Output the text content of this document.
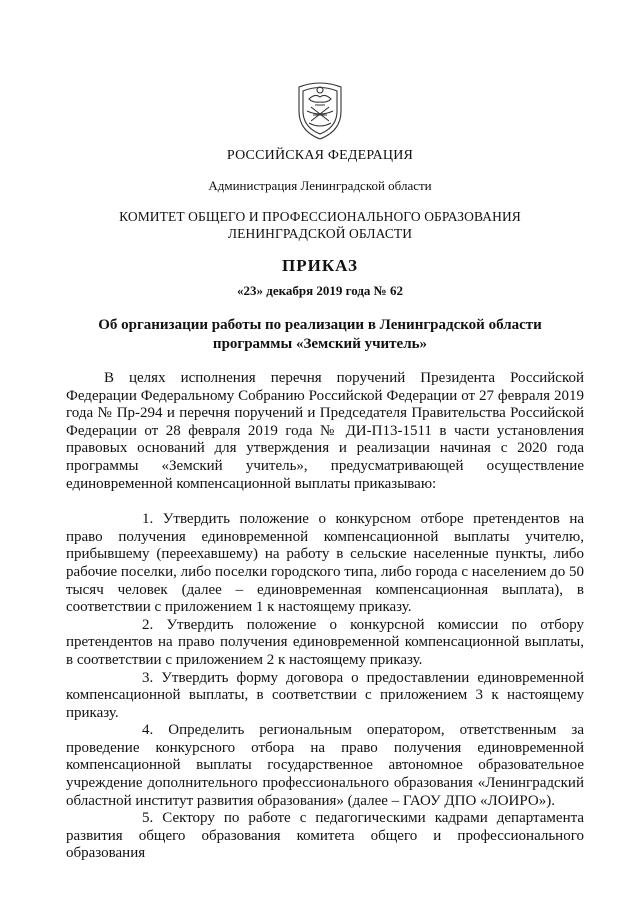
РОССИЙСКАЯ ФЕДЕРАЦИЯ

Администрация Ленинградской области

КОМИТЕТ ОБЩЕГО И ПРОФЕССИОНАЛЬНОГО ОБРАЗОВАНИЯ
ЛЕНИНГРАДСКОЙ ОБЛАСТИ

ПРИКАЗ

«23» декабря 2019 года № 62

Об организации работы по реализации в Ленинградской области
программы «Земский учитель»

В целях исполнения перечня поручений Президента Российской Федерации Федеральному Собранию Российской Федерации от 27 февраля 2019 года № Пр-294 и перечня поручений и Председателя Правительства Российской Федерации от 28 февраля 2019 года № ДИ-П13-1511 в части установления правовых оснований для утверждения и реализации начиная с 2020 года программы «Земский учитель», предусматривающей осуществление единовременной компенсационной выплаты приказываю:

1. Утвердить положение о конкурсном отборе претендентов на право получения единовременной компенсационной выплаты учителю, прибывшему (переехавшему) на работу в сельские населенные пункты, либо рабочие поселки, либо поселки городского типа, либо города с населением до 50 тысяч человек (далее – единовременная компенсационная выплата), в соответствии с приложением 1 к настоящему приказу.

2. Утвердить положение о конкурсной комиссии по отбору претендентов на право получения единовременной компенсационной выплаты, в соответствии с приложением 2 к настоящему приказу.

3. Утвердить форму договора о предоставлении единовременной компенсационной выплаты, в соответствии с приложением 3 к настоящему приказу.

4. Определить региональным оператором, ответственным за проведение конкурсного отбора на право получения единовременной компенсационной выплаты государственное автономное образовательное учреждение дополнительного профессионального образования «Ленинградский областной институт развития образования» (далее – ГАОУ ДПО «ЛОИРО»).

5. Сектору по работе с педагогическими кадрами департамента развития общего образования комитета общего и профессионального образования
